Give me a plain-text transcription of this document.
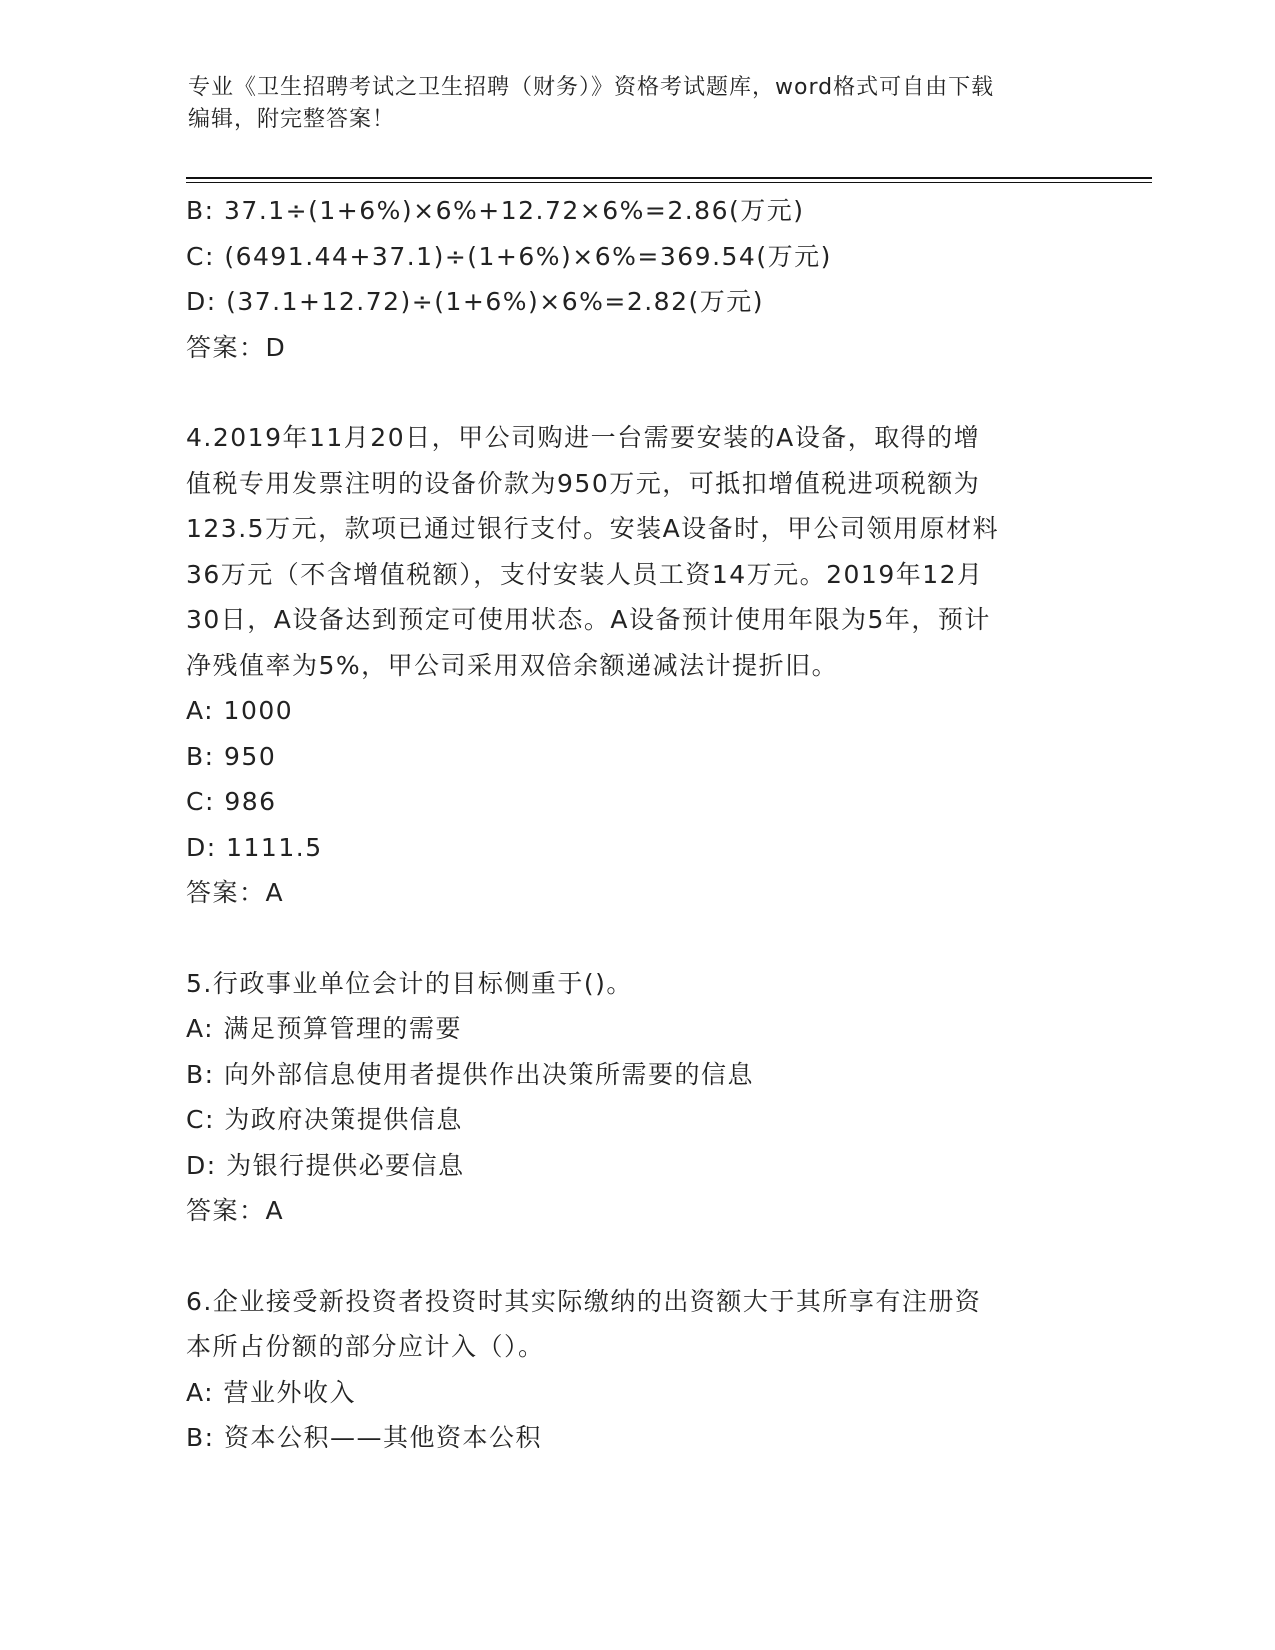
专业《卫生招聘考试之卫生招聘（财务）》资格考试题库，word格式可自由下载
编辑，附完整答案！
B: 37.1÷(1+6%)×6%+12.72×6%=2.86(万元)
C: (6491.44+37.1)÷(1+6%)×6%=369.54(万元)
D: (37.1+12.72)÷(1+6%)×6%=2.82(万元)
答案：D
4.2019年11月20日，甲公司购进一台需要安装的A设备，取得的增
值税专用发票注明的设备价款为950万元，可抵扣增值税进项税额为
123.5万元，款项已通过银行支付。安装A设备时，甲公司领用原材料
36万元（不含增值税额），支付安装人员工资14万元。2019年12月
30日，A设备达到预定可使用状态。A设备预计使用年限为5年，预计
净残值率为5%，甲公司采用双倍余额递减法计提折旧。
A: 1000
B: 950
C: 986
D: 1111.5
答案：A
5.行政事业单位会计的目标侧重于()。
A: 满足预算管理的需要
B: 向外部信息使用者提供作出决策所需要的信息
C: 为政府决策提供信息
D: 为银行提供必要信息
答案：A
6.企业接受新投资者投资时其实际缴纳的出资额大于其所享有注册资
本所占份额的部分应计入（）。
A: 营业外收入
B: 资本公积——其他资本公积
